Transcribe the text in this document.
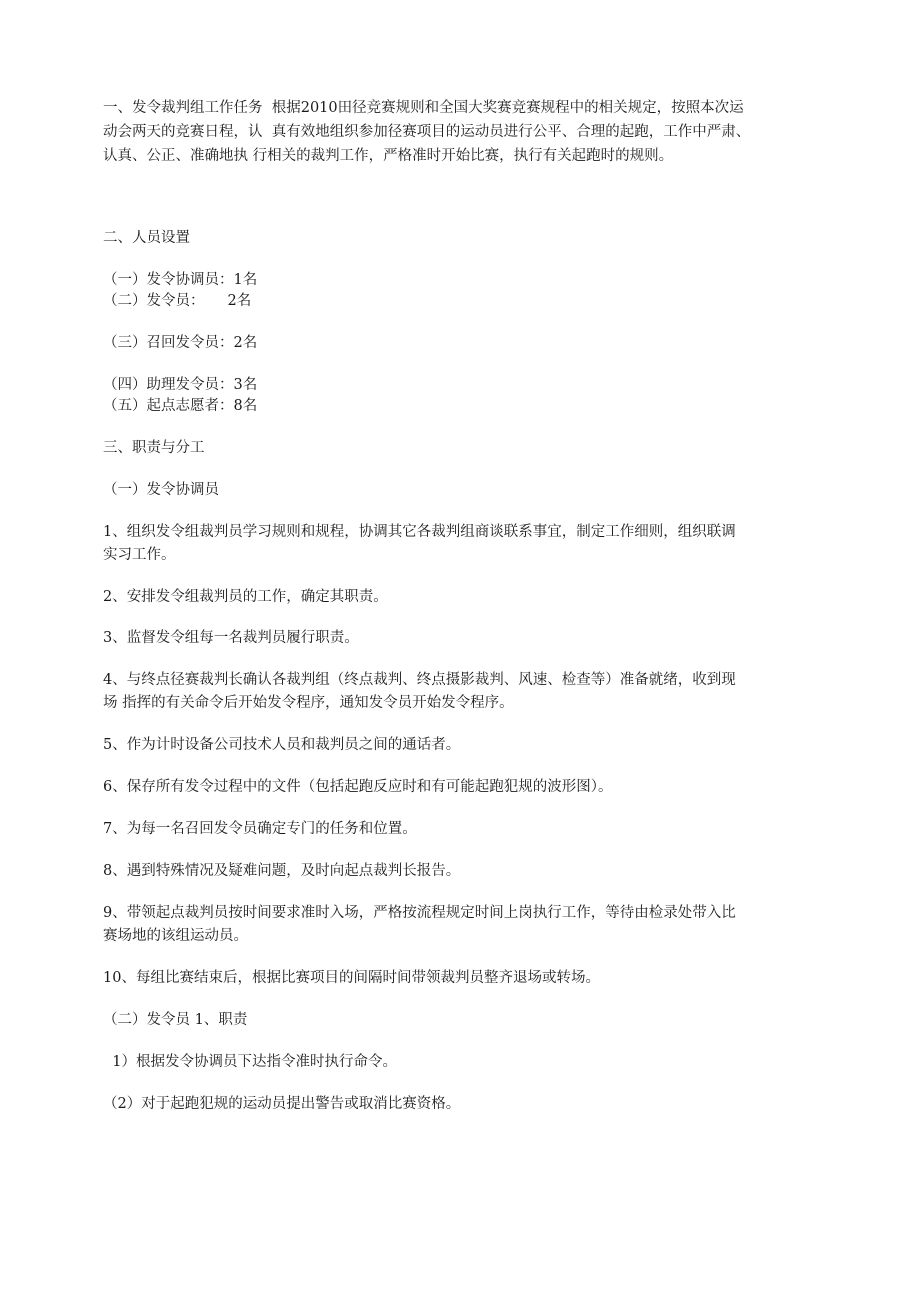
一、发令裁判组工作任务  根据2010田径竞赛规则和全国大奖赛竞赛规程中的相关规定，按照本次运
动会两天的竞赛日程，认  真有效地组织参加径赛项目的运动员进行公平、合理的起跑，工作中严肃、
认真、公正、准确地执 行相关的裁判工作，严格准时开始比赛，执行有关起跑时的规则。
二、人员设置
（一）发令协调员：1名
（二）发令员：     2名
（三）召回发令员：2名
（四）助理发令员：3名
（五）起点志愿者：8名
三、职责与分工
（一）发令协调员
1、组织发令组裁判员学习规则和规程，协调其它各裁判组商谈联系事宜，制定工作细则，组织联调
实习工作。
2、安排发令组裁判员的工作，确定其职责。
3、监督发令组每一名裁判员履行职责。
4、与终点径赛裁判长确认各裁判组（终点裁判、终点摄影裁判、风速、检查等）准备就绪，收到现
场 指挥的有关命令后开始发令程序，通知发令员开始发令程序。
5、作为计时设备公司技术人员和裁判员之间的通话者。
6、保存所有发令过程中的文件（包括起跑反应时和有可能起跑犯规的波形图）。
7、为每一名召回发令员确定专门的任务和位置。
8、遇到特殊情况及疑难问题，及时向起点裁判长报告。
9、带领起点裁判员按时间要求准时入场，严格按流程规定时间上岗执行工作，等待由检录处带入比
赛场地的该组运动员。
10、每组比赛结束后，根据比赛项目的间隔时间带领裁判员整齐退场或转场。
（二）发令员 1、职责
1）根据发令协调员下达指令准时执行命令。
（2）对于起跑犯规的运动员提出警告或取消比赛资格。
